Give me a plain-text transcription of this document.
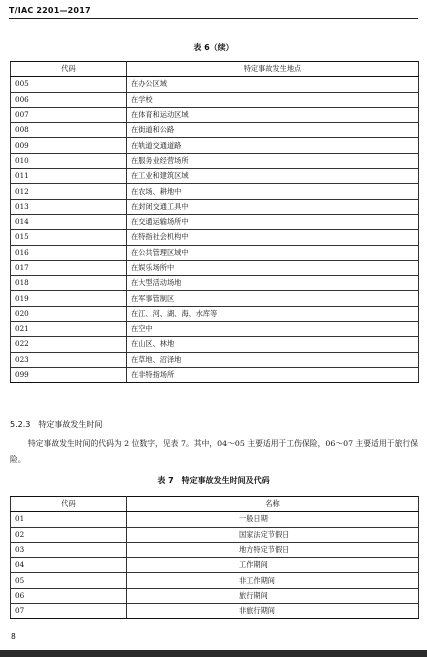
T/IAC 2201—2017
表 6（续）
代码	特定事故发生地点
005	在办公区域
006	在学校
007	在体育和运动区域
008	在街道和公路
009	在轨道交通道路
010	在服务业经营场所
011	在工业和建筑区域
012	在农场、耕地中
013	在封闭交通工具中
014	在交通运输场所中
015	在特指社会机构中
016	在公共管理区域中
017	在娱乐场所中
018	在大型活动场地
019	在军事管制区
020	在江、河、湖、海、水库等
021	在空中
022	在山区、林地
023	在草地、沼泽地
099	在非特指场所
5.2.3 特定事故发生时间
特定事故发生时间的代码为 2 位数字，见表 7。其中，04～05 主要适用于工伤保险，06～07 主要适用于旅行保险。
表 7　特定事故发生时间及代码
代码	名称
01	一般日期
02	国家法定节假日
03	地方特定节假日
04	工作期间
05	非工作期间
06	旅行期间
07	非旅行期间
8
